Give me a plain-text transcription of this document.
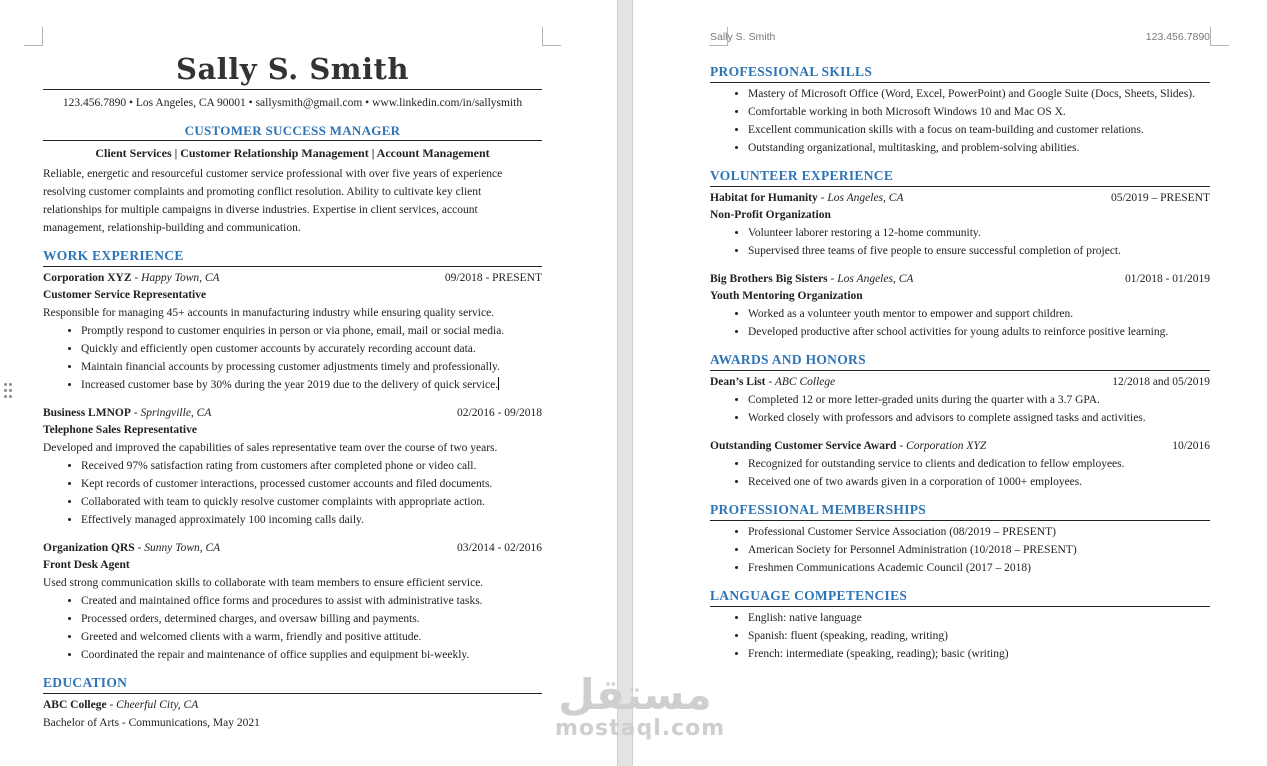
Sally S. Smith
123.456.7890 • Los Angeles, CA 90001 • sallysmith@gmail.com • www.linkedin.com/in/sallysmith
CUSTOMER SUCCESS MANAGER
Client Services | Customer Relationship Management | Account Management
Reliable, energetic and resourceful customer service professional with over five years of experience resolving customer complaints and promoting conflict resolution. Ability to cultivate key client relationships for multiple campaigns in diverse industries. Expertise in client services, account management, relationship-building and communication.
WORK EXPERIENCE
Corporation XYZ - Happy Town, CA	09/2018 - PRESENT
Customer Service Representative
Responsible for managing 45+ accounts in manufacturing industry while ensuring quality service.
• Promptly respond to customer enquiries in person or via phone, email, mail or social media.
• Quickly and efficiently open customer accounts by accurately recording account data.
• Maintain financial accounts by processing customer adjustments timely and professionally.
• Increased customer base by 30% during the year 2019 due to the delivery of quick service.
Business LMNOP - Springville, CA	02/2016 - 09/2018
Telephone Sales Representative
Developed and improved the capabilities of sales representative team over the course of two years.
• Received 97% satisfaction rating from customers after completed phone or video call.
• Kept records of customer interactions, processed customer accounts and filed documents.
• Collaborated with team to quickly resolve customer complaints with appropriate action.
• Effectively managed approximately 100 incoming calls daily.
Organization QRS - Sunny Town, CA	03/2014 - 02/2016
Front Desk Agent
Used strong communication skills to collaborate with team members to ensure efficient service.
• Created and maintained office forms and procedures to assist with administrative tasks.
• Processed orders, determined charges, and oversaw billing and payments.
• Greeted and welcomed clients with a warm, friendly and positive attitude.
• Coordinated the repair and maintenance of office supplies and equipment bi-weekly.
EDUCATION
ABC College - Cheerful City, CA
Bachelor of Arts - Communications, May 2021
Sally S. Smith	123.456.7890
PROFESSIONAL SKILLS
• Mastery of Microsoft Office (Word, Excel, PowerPoint) and Google Suite (Docs, Sheets, Slides).
• Comfortable working in both Microsoft Windows 10 and Mac OS X.
• Excellent communication skills with a focus on team-building and customer relations.
• Outstanding organizational, multitasking, and problem-solving abilities.
VOLUNTEER EXPERIENCE
Habitat for Humanity - Los Angeles, CA	05/2019 – PRESENT
Non-Profit Organization
• Volunteer laborer restoring a 12-home community.
• Supervised three teams of five people to ensure successful completion of project.
Big Brothers Big Sisters - Los Angeles, CA	01/2018 - 01/2019
Youth Mentoring Organization
• Worked as a volunteer youth mentor to empower and support children.
• Developed productive after school activities for young adults to reinforce positive learning.
AWARDS AND HONORS
Dean’s List - ABC College	12/2018 and 05/2019
• Completed 12 or more letter-graded units during the quarter with a 3.7 GPA.
• Worked closely with professors and advisors to complete assigned tasks and activities.
Outstanding Customer Service Award - Corporation XYZ	10/2016
• Recognized for outstanding service to clients and dedication to fellow employees.
• Received one of two awards given in a corporation of 1000+ employees.
PROFESSIONAL MEMBERSHIPS
• Professional Customer Service Association (08/2019 – PRESENT)
• American Society for Personnel Administration (10/2018 – PRESENT)
• Freshmen Communications Academic Council (2017 – 2018)
LANGUAGE COMPETENCIES
• English: native language
• Spanish: fluent (speaking, reading, writing)
• French: intermediate (speaking, reading); basic (writing)
مستقل
mostaql.com
